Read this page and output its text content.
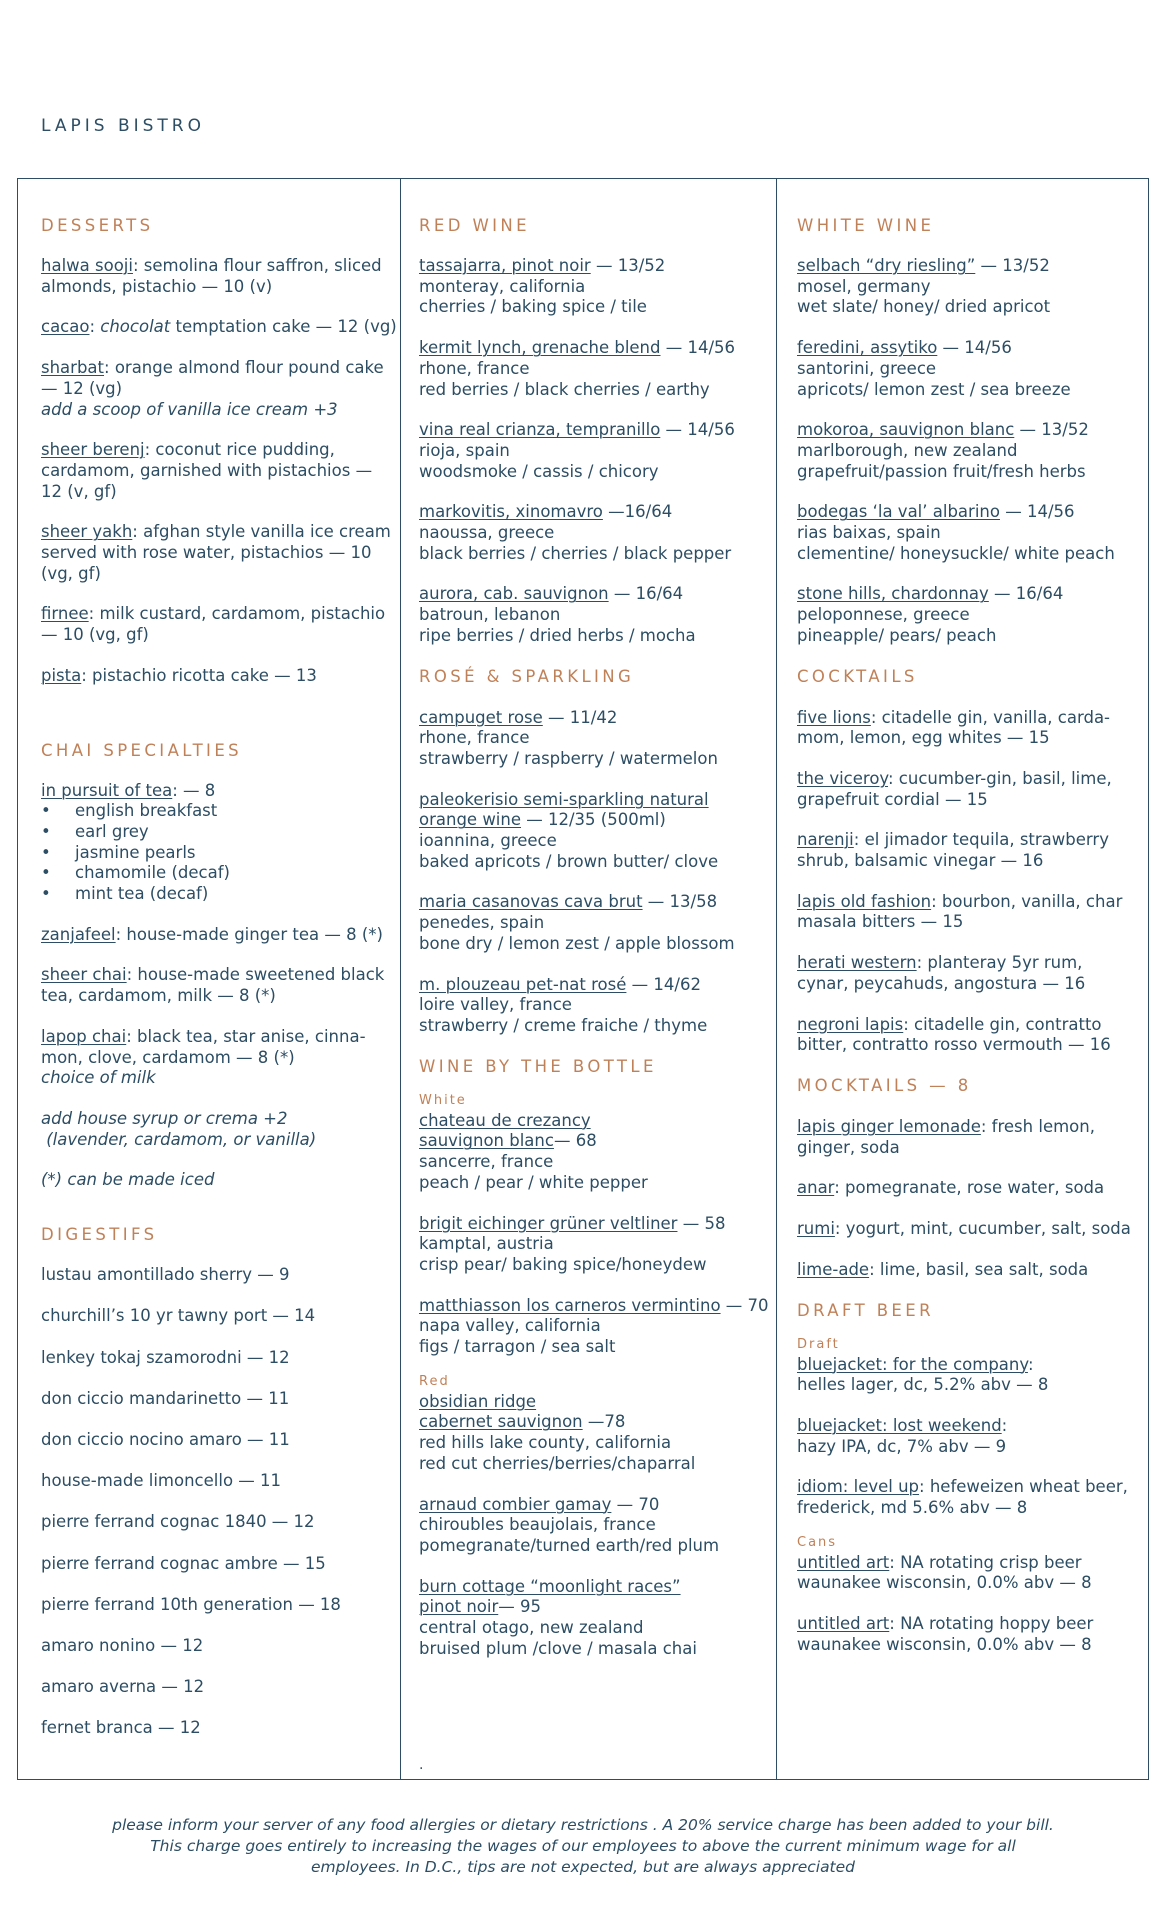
LAPIS BISTRO
DESSERTS
halwa sooji: semolina flour saffron, sliced almonds, pistachio — 10 (v)
cacao: chocolat temptation cake — 12 (vg)
sharbat: orange almond flour pound cake — 12 (vg)
add a scoop of vanilla ice cream +3
sheer berenj: coconut rice pudding, cardamom, garnished with pistachios — 12 (v, gf)
sheer yakh: afghan style vanilla ice cream served with rose water, pistachios — 10 (vg, gf)
firnee: milk custard, cardamom, pistachio — 10 (vg, gf)
pista: pistachio ricotta cake — 13
CHAI SPECIALTIES
in pursuit of tea: — 8
• english breakfast
• earl grey
• jasmine pearls
• chamomile (decaf)
• mint tea (decaf)
zanjafeel: house-made ginger tea — 8 (*)
sheer chai: house-made sweetened black tea, cardamom, milk — 8 (*)
lapop chai: black tea, star anise, cinna-mon, clove, cardamom — 8 (*)
choice of milk
add house syrup or crema +2
(lavender, cardamom, or vanilla)
(*) can be made iced
DIGESTIFS
lustau amontillado sherry — 9
churchill’s 10 yr tawny port — 14
lenkey tokaj szamorodni — 12
don ciccio mandarinetto — 11
don ciccio nocino amaro — 11
house-made limoncello — 11
pierre ferrand cognac 1840 — 12
pierre ferrand cognac ambre — 15
pierre ferrand 10th generation — 18
amaro nonino — 12
amaro averna — 12
fernet branca — 12
RED WINE
tassajarra, pinot noir — 13/52
monteray, california
cherries / baking spice / tile
kermit lynch, grenache blend — 14/56
rhone, france
red berries / black cherries / earthy
vina real crianza, tempranillo — 14/56
rioja, spain
woodsmoke / cassis / chicory
markovitis, xinomavro —16/64
naoussa, greece
black berries / cherries / black pepper
aurora, cab. sauvignon — 16/64
batroun, lebanon
ripe berries / dried herbs / mocha
ROSÉ & SPARKLING
campuget rose — 11/42
rhone, france
strawberry / raspberry / watermelon
paleokerisio semi-sparkling natural
orange wine — 12/35 (500ml)
ioannina, greece
baked apricots / brown butter/ clove
maria casanovas cava brut — 13/58
penedes, spain
bone dry / lemon zest / apple blossom
m. plouzeau pet-nat rosé — 14/62
loire valley, france
strawberry / creme fraiche / thyme
WINE BY THE BOTTLE
White
chateau de crezancy
sauvignon blanc— 68
sancerre, france
peach / pear / white pepper
brigit eichinger grüner veltliner — 58
kamptal, austria
crisp pear/ baking spice/honeydew
matthiasson los carneros vermintino — 70
napa valley, california
figs / tarragon / sea salt
Red
obsidian ridge
cabernet sauvignon —78
red hills lake county, california
red cut cherries/berries/chaparral
arnaud combier gamay — 70
chiroubles beaujolais, france
pomegranate/turned earth/red plum
burn cottage “moonlight races”
pinot noir— 95
central otago, new zealand
bruised plum /clove / masala chai
.
WHITE WINE
selbach “dry riesling” — 13/52
mosel, germany
wet slate/ honey/ dried apricot
feredini, assytiko — 14/56
santorini, greece
apricots/ lemon zest / sea breeze
mokoroa, sauvignon blanc — 13/52
marlborough, new zealand
grapefruit/passion fruit/fresh herbs
bodegas ‘la val’ albarino — 14/56
rias baixas, spain
clementine/ honeysuckle/ white peach
stone hills, chardonnay — 16/64
peloponnese, greece
pineapple/ pears/ peach
COCKTAILS
five lions: citadelle gin, vanilla, carda-mom, lemon, egg whites — 15
the viceroy: cucumber-gin, basil, lime, grapefruit cordial — 15
narenji: el jimador tequila, strawberry shrub, balsamic vinegar — 16
lapis old fashion: bourbon, vanilla, char masala bitters — 15
herati western: planteray 5yr rum, cynar, peycahuds, angostura — 16
negroni lapis: citadelle gin, contratto bitter, contratto rosso vermouth — 16
MOCKTAILS — 8
lapis ginger lemonade: fresh lemon, ginger, soda
anar: pomegranate, rose water, soda
rumi: yogurt, mint, cucumber, salt, soda
lime-ade: lime, basil, sea salt, soda
DRAFT BEER
Draft
bluejacket: for the company:
helles lager, dc, 5.2% abv — 8
bluejacket: lost weekend:
hazy IPA, dc, 7% abv — 9
idiom: level up: hefeweizen wheat beer, frederick, md 5.6% abv — 8
Cans
untitled art: NA rotating crisp beer
waunakee wisconsin, 0.0% abv — 8
untitled art: NA rotating hoppy beer
waunakee wisconsin, 0.0% abv — 8
please inform your server of any food allergies or dietary restrictions . A 20% service charge has been added to your bill.
This charge goes entirely to increasing the wages of our employees to above the current minimum wage for all
employees. In D.C., tips are not expected, but are always appreciated
